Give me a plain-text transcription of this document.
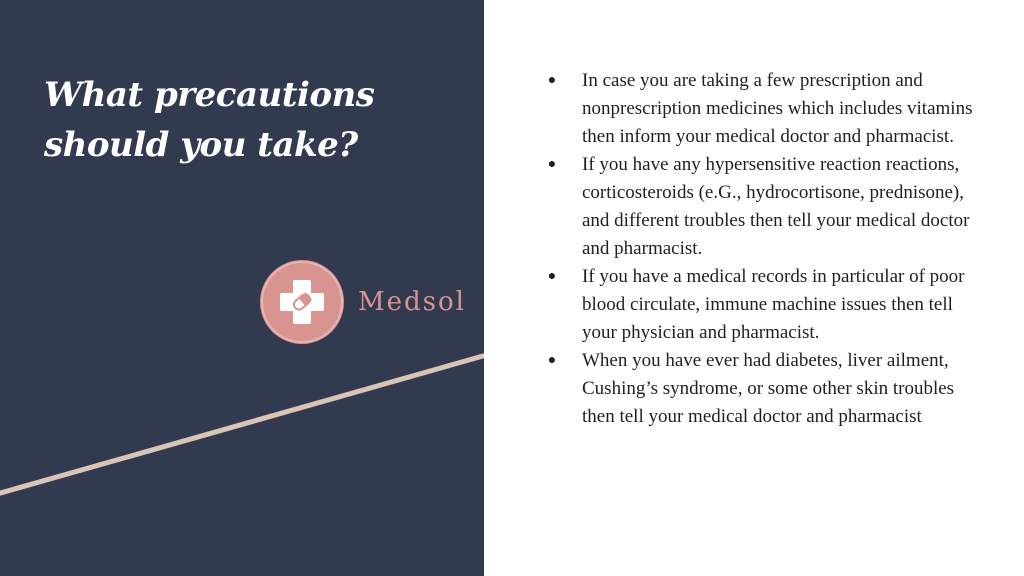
What precautions
should you take?
Medsol
● In case you are taking a few prescription and nonprescription medicines which includes vitamins then inform your medical doctor and pharmacist.
● If you have any hypersensitive reaction reactions, corticosteroids (e.G., hydrocortisone, prednisone), and different troubles then tell your medical doctor and pharmacist.
● If you have a medical records in particular of poor blood circulate, immune machine issues then tell your physician and pharmacist.
● When you have ever had diabetes, liver ailment, Cushing’s syndrome, or some other skin troubles then tell your medical doctor and pharmacist
